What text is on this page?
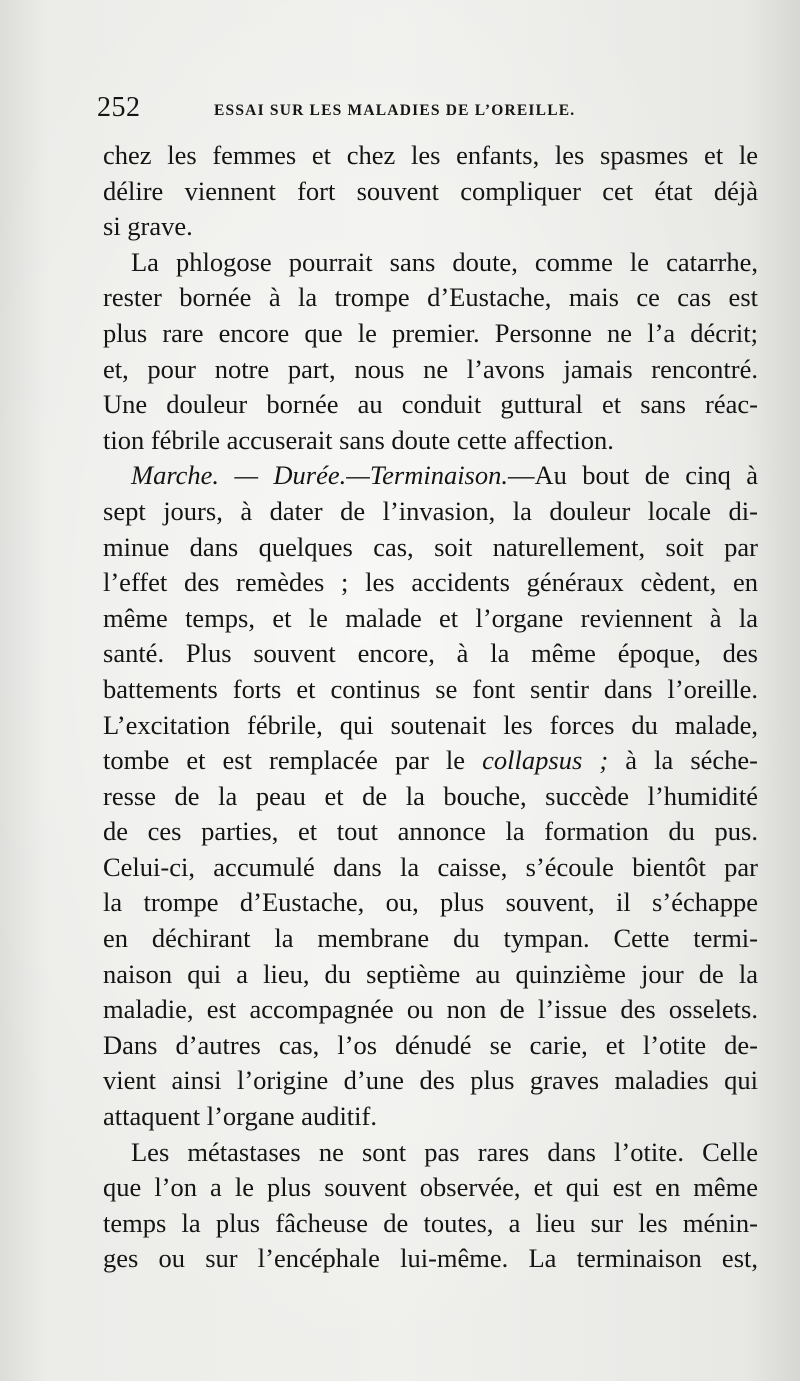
252	ESSAI SUR LES MALADIES DE L’OREILLE.
chez les femmes et chez les enfants, les spasmes et le
délire viennent fort souvent compliquer cet état déjà
si grave.
La phlogose pourrait sans doute, comme le catarrhe,
rester bornée à la trompe d’Eustache, mais ce cas est
plus rare encore que le premier. Personne ne l’a décrit;
et, pour notre part, nous ne l’avons jamais rencontré.
Une douleur bornée au conduit guttural et sans réac-
tion fébrile accuserait sans doute cette affection.
Marche. — Durée.—Terminaison.—Au bout de cinq à
sept jours, à dater de l’invasion, la douleur locale di-
minue dans quelques cas, soit naturellement, soit par
l’effet des remèdes ; les accidents généraux cèdent, en
même temps, et le malade et l’organe reviennent à la
santé. Plus souvent encore, à la même époque, des
battements forts et continus se font sentir dans l’oreille.
L’excitation fébrile, qui soutenait les forces du malade,
tombe et est remplacée par le collapsus ; à la séche-
resse de la peau et de la bouche, succède l’humidité
de ces parties, et tout annonce la formation du pus.
Celui-ci, accumulé dans la caisse, s’écoule bientôt par
la trompe d’Eustache, ou, plus souvent, il s’échappe
en déchirant la membrane du tympan. Cette termi-
naison qui a lieu, du septième au quinzième jour de la
maladie, est accompagnée ou non de l’issue des osselets.
Dans d’autres cas, l’os dénudé se carie, et l’otite de-
vient ainsi l’origine d’une des plus graves maladies qui
attaquent l’organe auditif.
Les métastases ne sont pas rares dans l’otite. Celle
que l’on a le plus souvent observée, et qui est en même
temps la plus fâcheuse de toutes, a lieu sur les ménin-
ges ou sur l’encéphale lui-même. La terminaison est,
